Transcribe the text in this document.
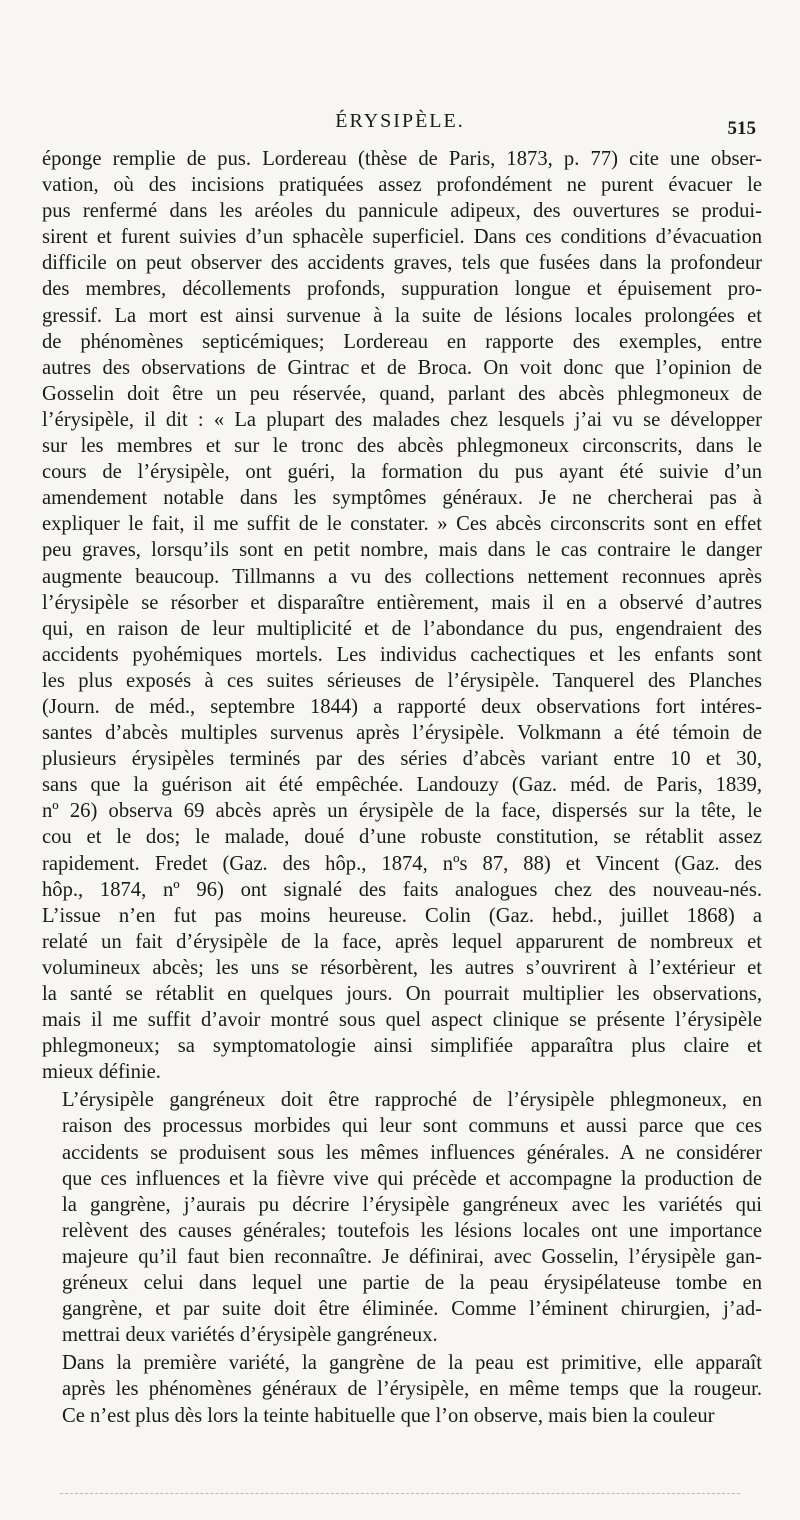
ÉRYSIPÈLE.	515

éponge remplie de pus. Lordereau (thèse de Paris, 1873, p. 77) cite une obser-
vation, où des incisions pratiquées assez profondément ne purent évacuer le
pus renfermé dans les aréoles du pannicule adipeux, des ouvertures se produi-
sirent et furent suivies d’un sphacèle superficiel. Dans ces conditions d’évacuation
difficile on peut observer des accidents graves, tels que fusées dans la profondeur
des membres, décollements profonds, suppuration longue et épuisement pro-
gressif. La mort est ainsi survenue à la suite de lésions locales prolongées et
de phénomènes septicémiques; Lordereau en rapporte des exemples, entre
autres des observations de Gintrac et de Broca. On voit donc que l’opinion de
Gosselin doit être un peu réservée, quand, parlant des abcès phlegmoneux de
l’érysipèle, il dit : « La plupart des malades chez lesquels j’ai vu se développer
sur les membres et sur le tronc des abcès phlegmoneux circonscrits, dans le
cours de l’érysipèle, ont guéri, la formation du pus ayant été suivie d’un
amendement notable dans les symptômes généraux. Je ne chercherai pas à
expliquer le fait, il me suffit de le constater. » Ces abcès circonscrits sont en effet
peu graves, lorsqu’ils sont en petit nombre, mais dans le cas contraire le danger
augmente beaucoup. Tillmanns a vu des collections nettement reconnues après
l’érysipèle se résorber et disparaître entièrement, mais il en a observé d’autres
qui, en raison de leur multiplicité et de l’abondance du pus, engendraient des
accidents pyohémiques mortels. Les individus cachectiques et les enfants sont
les plus exposés à ces suites sérieuses de l’érysipèle. Tanquerel des Planches
(Journ. de méd., septembre 1844) a rapporté deux observations fort intéres-
santes d’abcès multiples survenus après l’érysipèle. Volkmann a été témoin de
plusieurs érysipèles terminés par des séries d’abcès variant entre 10 et 30,
sans que la guérison ait été empêchée. Landouzy (Gaz. méd. de Paris, 1839,
nº 26) observa 69 abcès après un érysipèle de la face, dispersés sur la tête, le
cou et le dos; le malade, doué d’une robuste constitution, se rétablit assez
rapidement. Fredet (Gaz. des hôp., 1874, nºs 87, 88) et Vincent (Gaz. des
hôp., 1874, nº 96) ont signalé des faits analogues chez des nouveau-nés.
L’issue n’en fut pas moins heureuse. Colin (Gaz. hebd., juillet 1868) a
relaté un fait d’érysipèle de la face, après lequel apparurent de nombreux et
volumineux abcès; les uns se résorbèrent, les autres s’ouvrirent à l’extérieur et
la santé se rétablit en quelques jours. On pourrait multiplier les observations,
mais il me suffit d’avoir montré sous quel aspect clinique se présente l’érysipèle
phlegmoneux; sa symptomatologie ainsi simplifiée apparaîtra plus claire et
mieux définie.

L’érysipèle gangréneux doit être rapproché de l’érysipèle phlegmoneux, en
raison des processus morbides qui leur sont communs et aussi parce que ces
accidents se produisent sous les mêmes influences générales. A ne considérer
que ces influences et la fièvre vive qui précède et accompagne la production de
la gangrène, j’aurais pu décrire l’érysipèle gangréneux avec les variétés qui
relèvent des causes générales; toutefois les lésions locales ont une importance
majeure qu’il faut bien reconnaître. Je définirai, avec Gosselin, l’érysipèle gan-
gréneux celui dans lequel une partie de la peau érysipélateuse tombe en
gangrène, et par suite doit être éliminée. Comme l’éminent chirurgien, j’ad-
mettrai deux variétés d’érysipèle gangréneux.

Dans la première variété, la gangrène de la peau est primitive, elle apparaît
après les phénomènes généraux de l’érysipèle, en même temps que la rougeur.
Ce n’est plus dès lors la teinte habituelle que l’on observe, mais bien la couleur
